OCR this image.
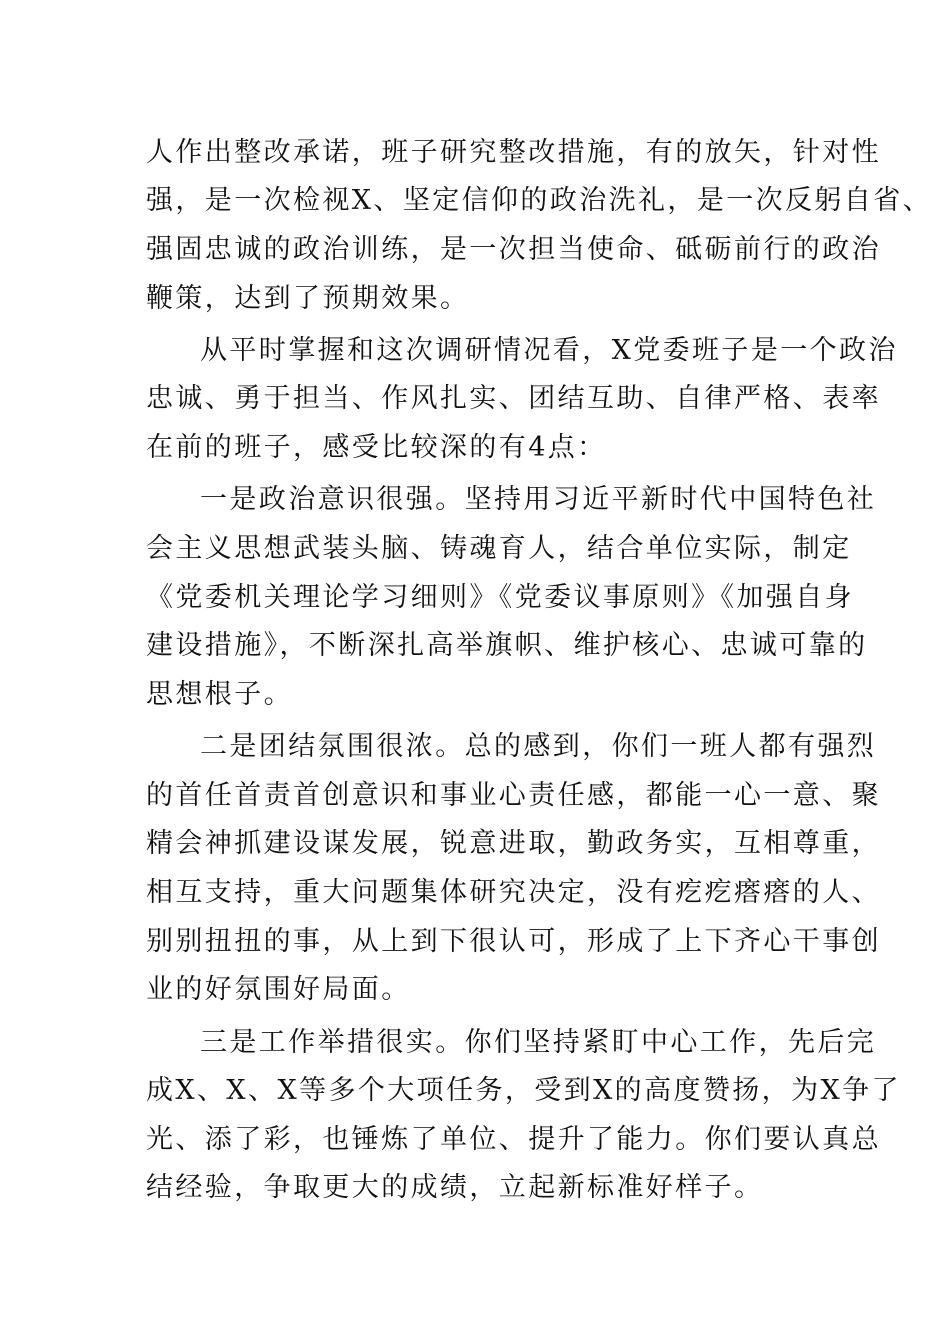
人作出整改承诺，班子研究整改措施，有的放矢，针对性
强，是一次检视X、坚定信仰的政治洗礼，是一次反躬自省、
强固忠诚的政治训练，是一次担当使命、砥砺前行的政治
鞭策，达到了预期效果。
从平时掌握和这次调研情况看，X党委班子是一个政治
忠诚、勇于担当、作风扎实、团结互助、自律严格、表率
在前的班子，感受比较深的有4点：
一是政治意识很强。坚持用习近平新时代中国特色社
会主义思想武装头脑、铸魂育人，结合单位实际，制定
《党委机关理论学习细则》《党委议事原则》《加强自身
建设措施》，不断深扎高举旗帜、维护核心、忠诚可靠的
思想根子。
二是团结氛围很浓。总的感到，你们一班人都有强烈
的首任首责首创意识和事业心责任感，都能一心一意、聚
精会神抓建设谋发展，锐意进取，勤政务实，互相尊重，
相互支持，重大问题集体研究决定，没有疙疙瘩瘩的人、
别别扭扭的事，从上到下很认可，形成了上下齐心干事创
业的好氛围好局面。
三是工作举措很实。你们坚持紧盯中心工作，先后完
成X、X、X等多个大项任务，受到X的高度赞扬，为X争了
光、添了彩，也锤炼了单位、提升了能力。你们要认真总
结经验，争取更大的成绩，立起新标准好样子。
